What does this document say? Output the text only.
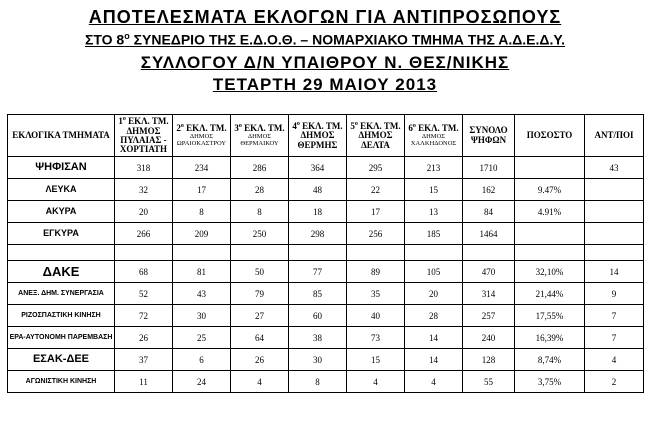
ΑΠΟΤΕΛΕΣΜΑΤΑ ΕΚΛΟΓΩΝ ΓΙΑ ΑΝΤΙΠΡΟΣΩΠΟΥΣ
ΣΤΟ $8^o$ ΣΥΝΕΔΡΙΟ ΤΗΣ Ε.Δ.Ο.Θ. – ΝΟΜΑΡΧΙΑΚΟ ΤΜΗΜΑ ΤΗΣ Α.Δ.Ε.Δ.Υ.
ΣΥΛΛΟΓΟΥ Δ/Ν ΥΠΑΙΘΡΟΥ Ν. ΘΕΣ/ΝΙΚΗΣ
ΤΕΤΑΡΤΗ 29 ΜΑΙΟΥ 2013
ΕΚΛΟΓΙΚΑ ΤΜΗΜΑΤΑ	$1^o$ ΕΚΛ. ΤΜ. ΔΗΜΟΣ ΠΥΛΑΙΑΣ - ΧΟΡΤΙΑΤΗ	$2^o$ ΕΚΛ. ΤΜ.
ΔΗΜΟΣ ΩΡΑΙΟΚΑΣΤΡΟΥ	$3^o$ ΕΚΛ. ΤΜ.
ΔΗΜΟΣ ΘΕΡΜΑΙΚΟΥ	$4^o$ ΕΚΛ. ΤΜ. ΔΗΜΟΣ ΘΕΡΜΗΣ	$5^o$ ΕΚΛ. ΤΜ. ΔΗΜΟΣ ΔΕΛΤΑ	$6^o$ ΕΚΛ. ΤΜ.
ΔΗΜΟΣ ΧΑΛΚΗΔΟΝΟΣ	ΣΥΝΟΛΟ ΨΗΦΩΝ	ΠΟΣΟΣΤΟ	ΑΝΤ/ΠΟΙ
ΨΗΦΙΣΑΝ	318	234	286	364	295	213	1710		43
ΛΕΥΚΑ	32	17	28	48	22	15	162	9.47%	
ΑΚΥΡΑ	20	8	8	18	17	13	84	4.91%	
ΕΓΚΥΡΑ	266	209	250	298	256	185	1464		

ΔΑΚΕ	68	81	50	77	89	105	470	32,10%	14
ΑΝΕΞ. ΔΗΜ. ΣΥΝΕΡΓΑΣΙΑ	52	43	79	85	35	20	314	21,44%	9
ΡΙΖΟΣΠΑΣΤΙΚΗ ΚΙΝΗΣΗ	72	30	27	60	40	28	257	17,55%	7
ΕΡΑ-ΑΥΤΟΝΟΜΗ ΠΑΡΕΜΒΑΣΗ	26	25	64	38	73	14	240	16,39%	7
ΕΣΑΚ-ΔΕΕ	37	6	26	30	15	14	128	8,74%	4
ΑΓΩΝΙΣΤΙΚΗ ΚΙΝΗΣΗ	11	24	4	8	4	4	55	3,75%	2
